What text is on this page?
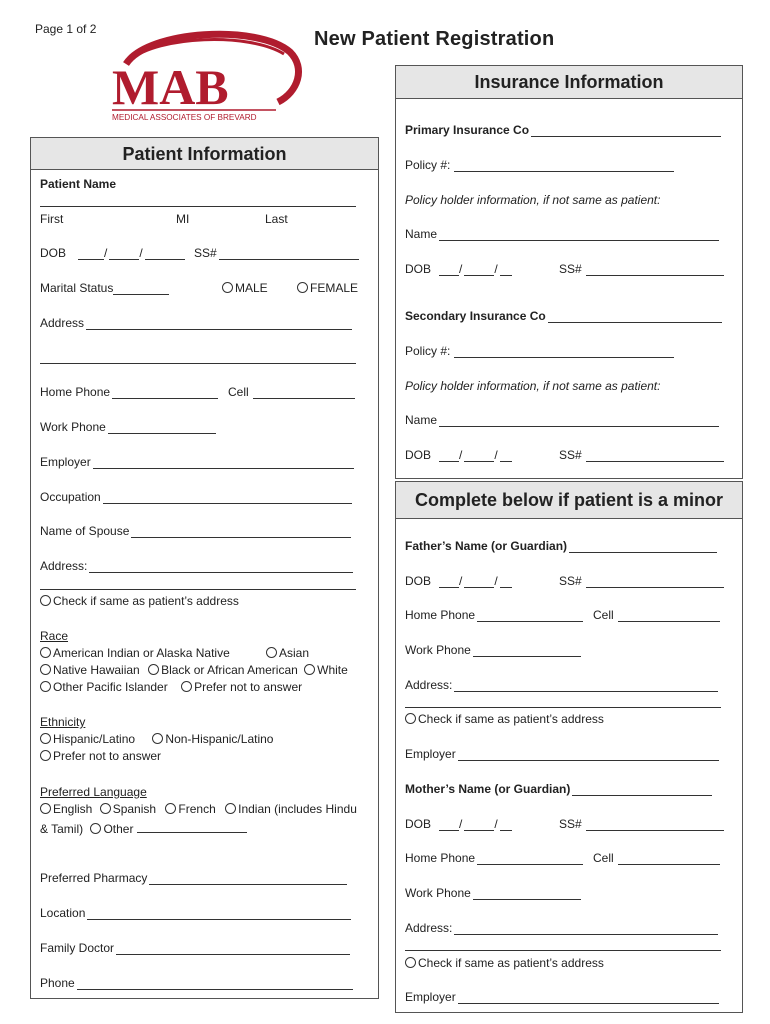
Page 1 of 2	New Patient Registration
MAB
MEDICAL ASSOCIATES OF BREVARD
Patient Information
Patient Name
First	MI	Last
DOB	/	/	SS#
Marital Status	MALE	FEMALE
Address
Home Phone	Cell
Work Phone
Employer
Occupation
Name of Spouse
Address:
Check if same as patient’s address
Race
American Indian or Alaska Native	Asian
Native Hawaiian Black or African American White
Other Pacific Islander Prefer not to answer
Ethnicity
Hispanic/Latino	Non-Hispanic/Latino
Prefer not to answer
Preferred Language
English Spanish French Indian (includes Hindu
& Tamil) Other
Preferred Pharmacy
Location
Family Doctor
Phone
Insurance Information
Primary Insurance Co
Policy #:
Policy holder information, if not same as patient:
Name
DOB /	/	SS#
Secondary Insurance Co
Policy #:
Policy holder information, if not same as patient:
Name
DOB /	/	SS#
Complete below if patient is a minor
Father’s Name (or Guardian)
DOB /	/	SS#
Home Phone	Cell
Work Phone
Address:
Check if same as patient’s address
Employer
Mother’s Name (or Guardian)
DOB /	/	SS#
Home Phone	Cell
Work Phone
Address:
Check if same as patient’s address
Employer
